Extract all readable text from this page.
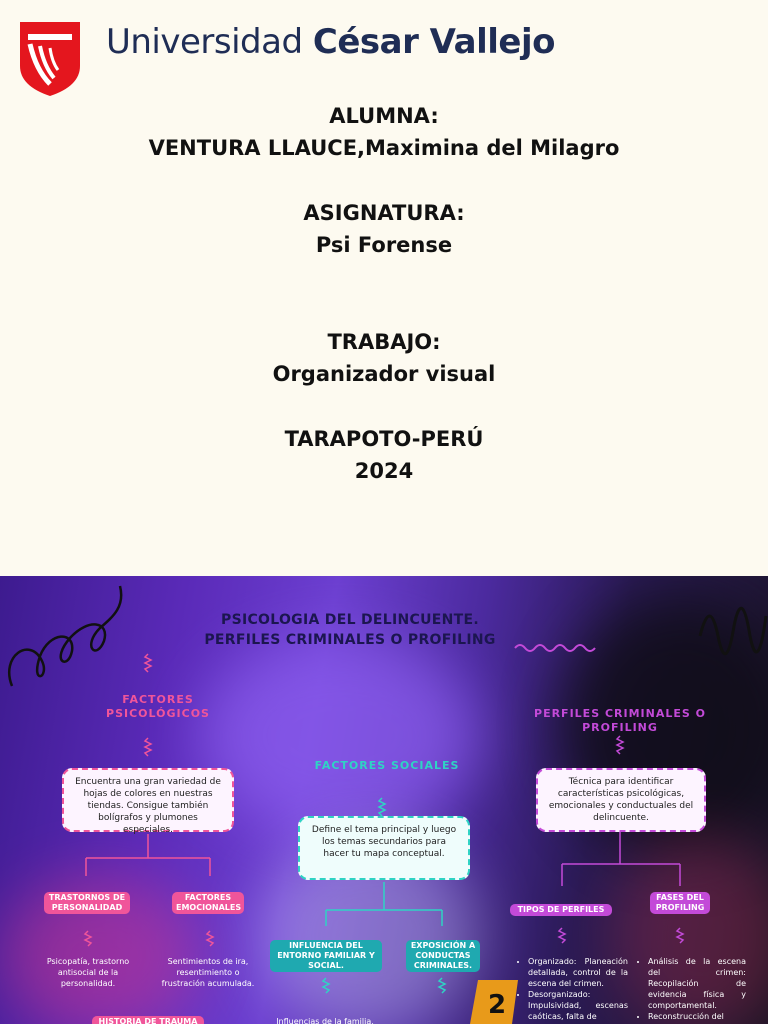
Universidad César Vallejo
ALUMNA:
VENTURA LLAUCE,Maximina del Milagro
ASIGNATURA:
Psi Forense
TRABAJO:
Organizador visual
TARAPOTO-PERÚ
2024
PSICOLOGIA DEL DELINCUENTE.
PERFILES CRIMINALES O PROFILING
FACTORES PSICOLÓGICOS
Encuentra una gran variedad de hojas de colores en nuestras tiendas. Consigue también bolígrafos y plumones especiales.
TRASTORNOS DE PERSONALIDAD
FACTORES EMOCIONALES
Psicopatía, trastorno antisocial de la personalidad.
Sentimientos de ira, resentimiento o frustración acumulada.
HISTORIA DE TRAUMA
FACTORES SOCIALES
Define el tema principal y luego los temas secundarios para hacer tu mapa conceptual.
INFLUENCIA DEL ENTORNO FAMILIAR Y SOCIAL.
EXPOSICIÓN A CONDUCTAS CRIMINALES.
Influencias de la familia,
PERFILES CRIMINALES O PROFILING
Técnica para identificar características psicológicas, emocionales y conductuales del delincuente.
TIPOS DE PERFILES
FASES DEL PROFILING
• Organizado: Planeación detallada, control de la escena del crimen.
• Desorganizado: Impulsividad, escenas caóticas, falta de
• Análisis de la escena del crimen: Recopilación de evidencia física y comportamental.
• Reconstrucción del
2
